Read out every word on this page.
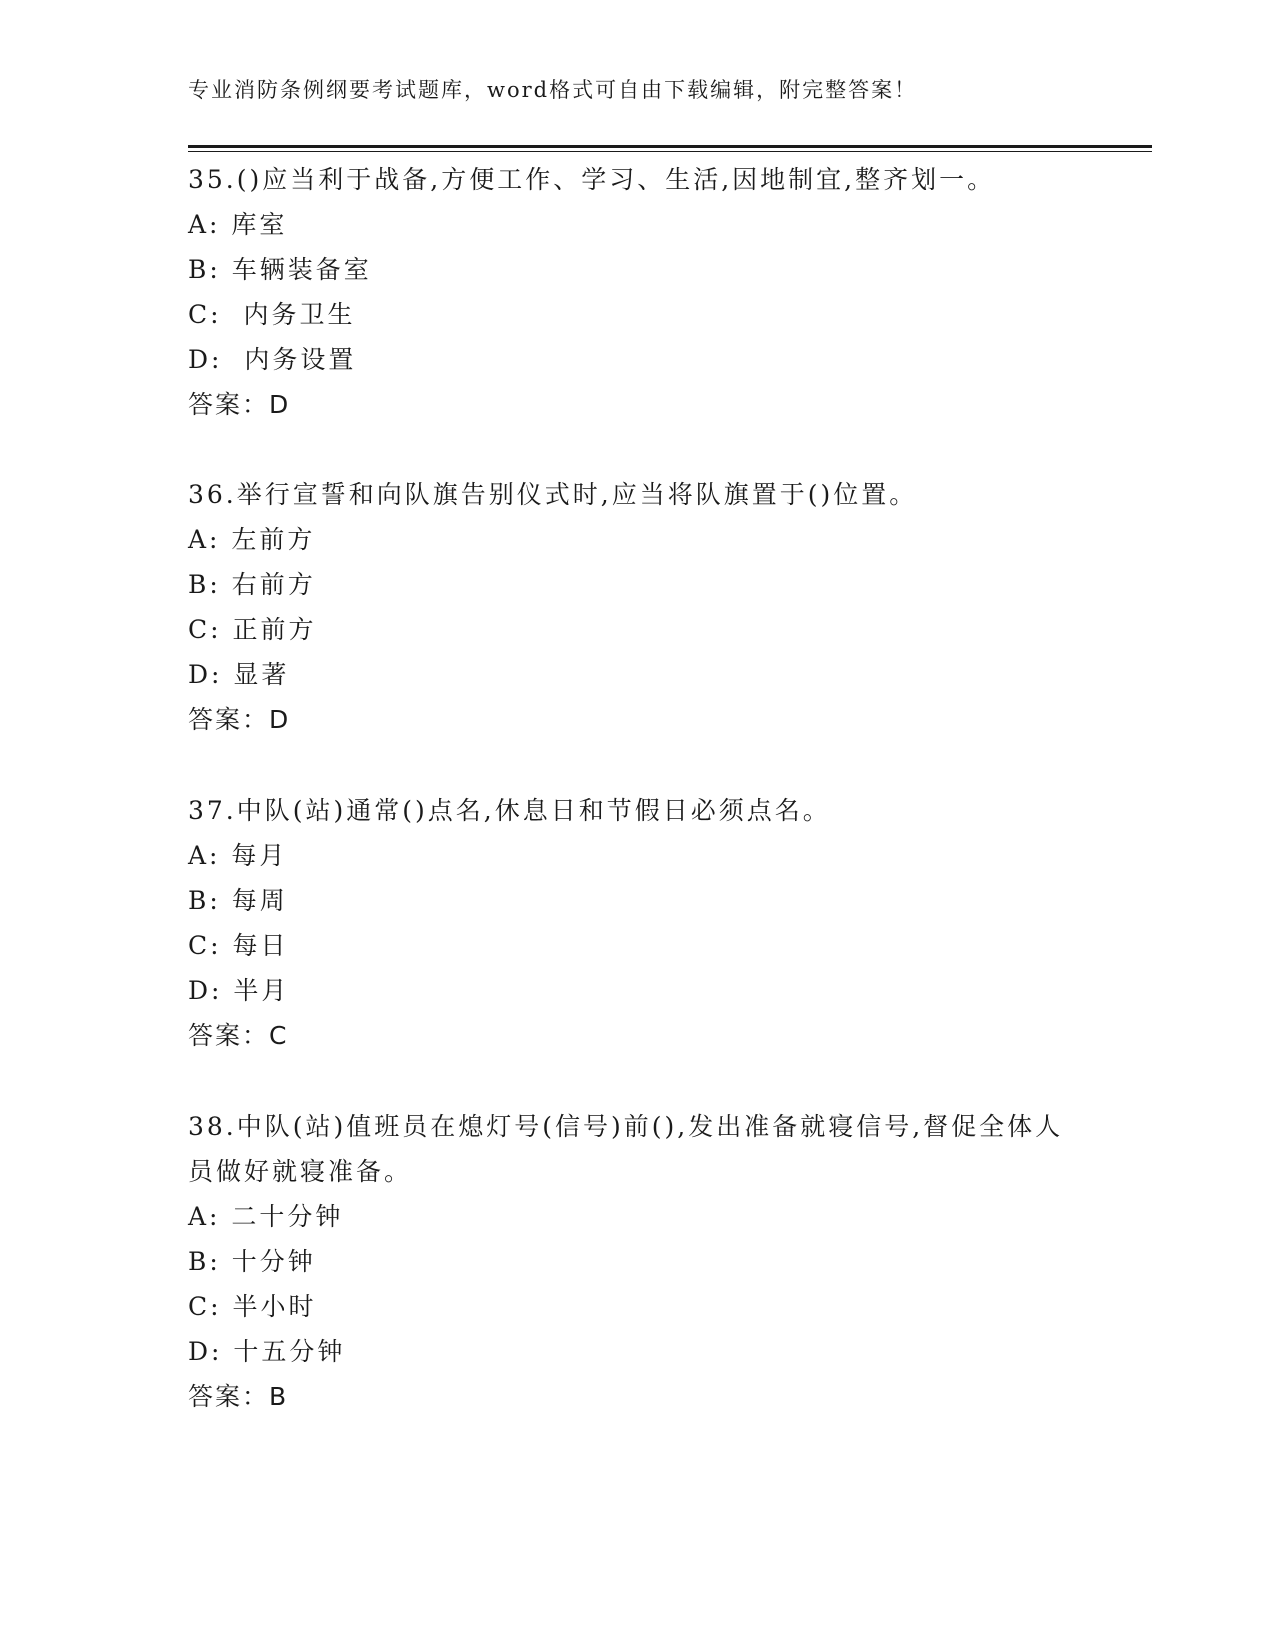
专业消防条例纲要考试题库，word格式可自由下载编辑，附完整答案！

35.()应当利于战备,方便工作、学习、生活,因地制宜,整齐划一。

A: 库室

B: 车辆装备室

C:  内务卫生

D:  内务设置

答案：D

36.举行宣誓和向队旗告别仪式时,应当将队旗置于()位置。

A: 左前方

B: 右前方

C: 正前方

D: 显著

答案：D

37.中队(站)通常()点名,休息日和节假日必须点名。

A: 每月

B: 每周

C: 每日

D: 半月

答案：C

38.中队(站)值班员在熄灯号(信号)前(),发出准备就寝信号,督促全体人员做好就寝准备。

A: 二十分钟

B: 十分钟

C: 半小时

D: 十五分钟

答案：B
